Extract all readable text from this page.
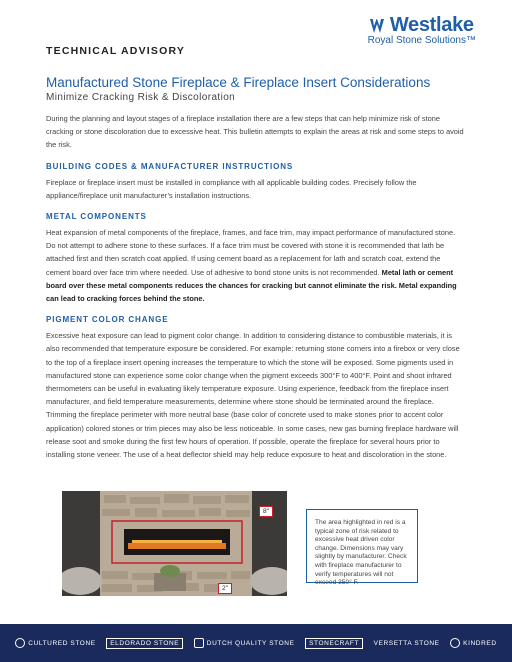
Westlake
Royal Stone Solutions™
TECHNICAL ADVISORY
Manufactured Stone Fireplace & Fireplace Insert Considerations
Minimize Cracking Risk & Discoloration

During the planning and layout stages of a fireplace installation there are a few steps that can help minimize risk of stone cracking or stone discoloration due to excessive heat. This bulletin attempts to explain the areas at risk and some steps to avoid the risk.

BUILDING CODES & MANUFACTURER INSTRUCTIONS

Fireplace or fireplace insert must be installed in compliance with all applicable building codes. Precisely follow the appliance/fireplace unit manufacturer’s installation instructions.

METAL COMPONENTS

Heat expansion of metal components of the fireplace, frames, and face trim, may impact performance of manufactured stone. Do not attempt to adhere stone to these surfaces. If a face trim must be covered with stone it is recommended that lath be attached first and then scratch coat applied. If using cement board as a replacement for lath and scratch coat, extend the cement board over face trim where needed. Use of adhesive to bond stone units is not recommended. Metal lath or cement board over these metal components reduces the chances for cracking but cannot eliminate the risk. Metal expanding can lead to cracking forces behind the stone.

PIGMENT COLOR CHANGE

Excessive heat exposure can lead to pigment color change. In addition to considering distance to combustible materials, it is also recommended that temperature exposure be considered. For example: returning stone corners into a firebox or very close to the top of a fireplace insert opening increases the temperature to which the stone will be exposed. Some pigments used in manufactured stone can experience some color change when the pigment exceeds 300°F to 400°F. Point and shoot infrared thermometers can be useful in evaluating likely temperature exposure. Using experience, feedback from the fireplace insert manufacturer, and field temperature measurements, determine where stone should be terminated around the fireplace. Trimming the fireplace perimeter with more neutral base (base color of concrete used to make stones prior to accent color application) colored stones or trim pieces may also be less noticeable. In some cases, new gas burning fireplace hardware will release soot and smoke during the first few hours of operation. If possible, operate the fireplace for several hours prior to installing stone veneer. The use of a heat deflector shield may help reduce exposure to heat and discoloration in the stone.

8"
2"
The area highlighted in red is a typical zone of risk related to excessive heat driven color change. Dimensions may vary slightly by manufacturer. Check with fireplace manufacturer to verify temperatures will not exceed 350° F.
CULTURED STONE	ELDORADO STONE	DUTCH QUALITY STONE	STONECRAFT	VERSETTA STONE	KINDRED
